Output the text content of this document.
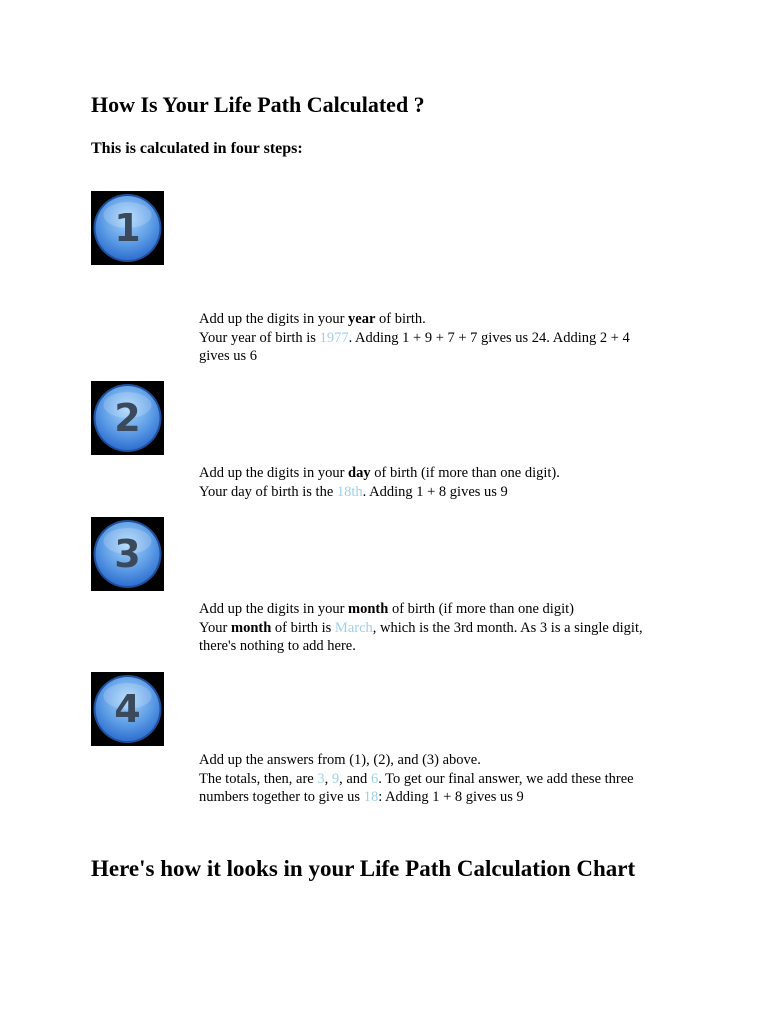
How Is Your Life Path Calculated ?

This is calculated in four steps:

1

Add up the digits in your year of birth.

Your year of birth is 1977. Adding 1 + 9 + 7 + 7 gives us 24. Adding 2 + 4

gives us 6

2

Add up the digits in your day of birth (if more than one digit).

Your day of birth is the 18th. Adding 1 + 8 gives us 9

3

Add up the digits in your month of birth (if more than one digit)

Your month of birth is March, which is the 3rd month. As 3 is a single digit,

there's nothing to add here.

4

Add up the answers from (1), (2), and (3) above.

The totals, then, are 3, 9, and 6. To get our final answer, we add these three

numbers together to give us 18: Adding 1 + 8 gives us 9

Here's how it looks in your Life Path Calculation Chart
